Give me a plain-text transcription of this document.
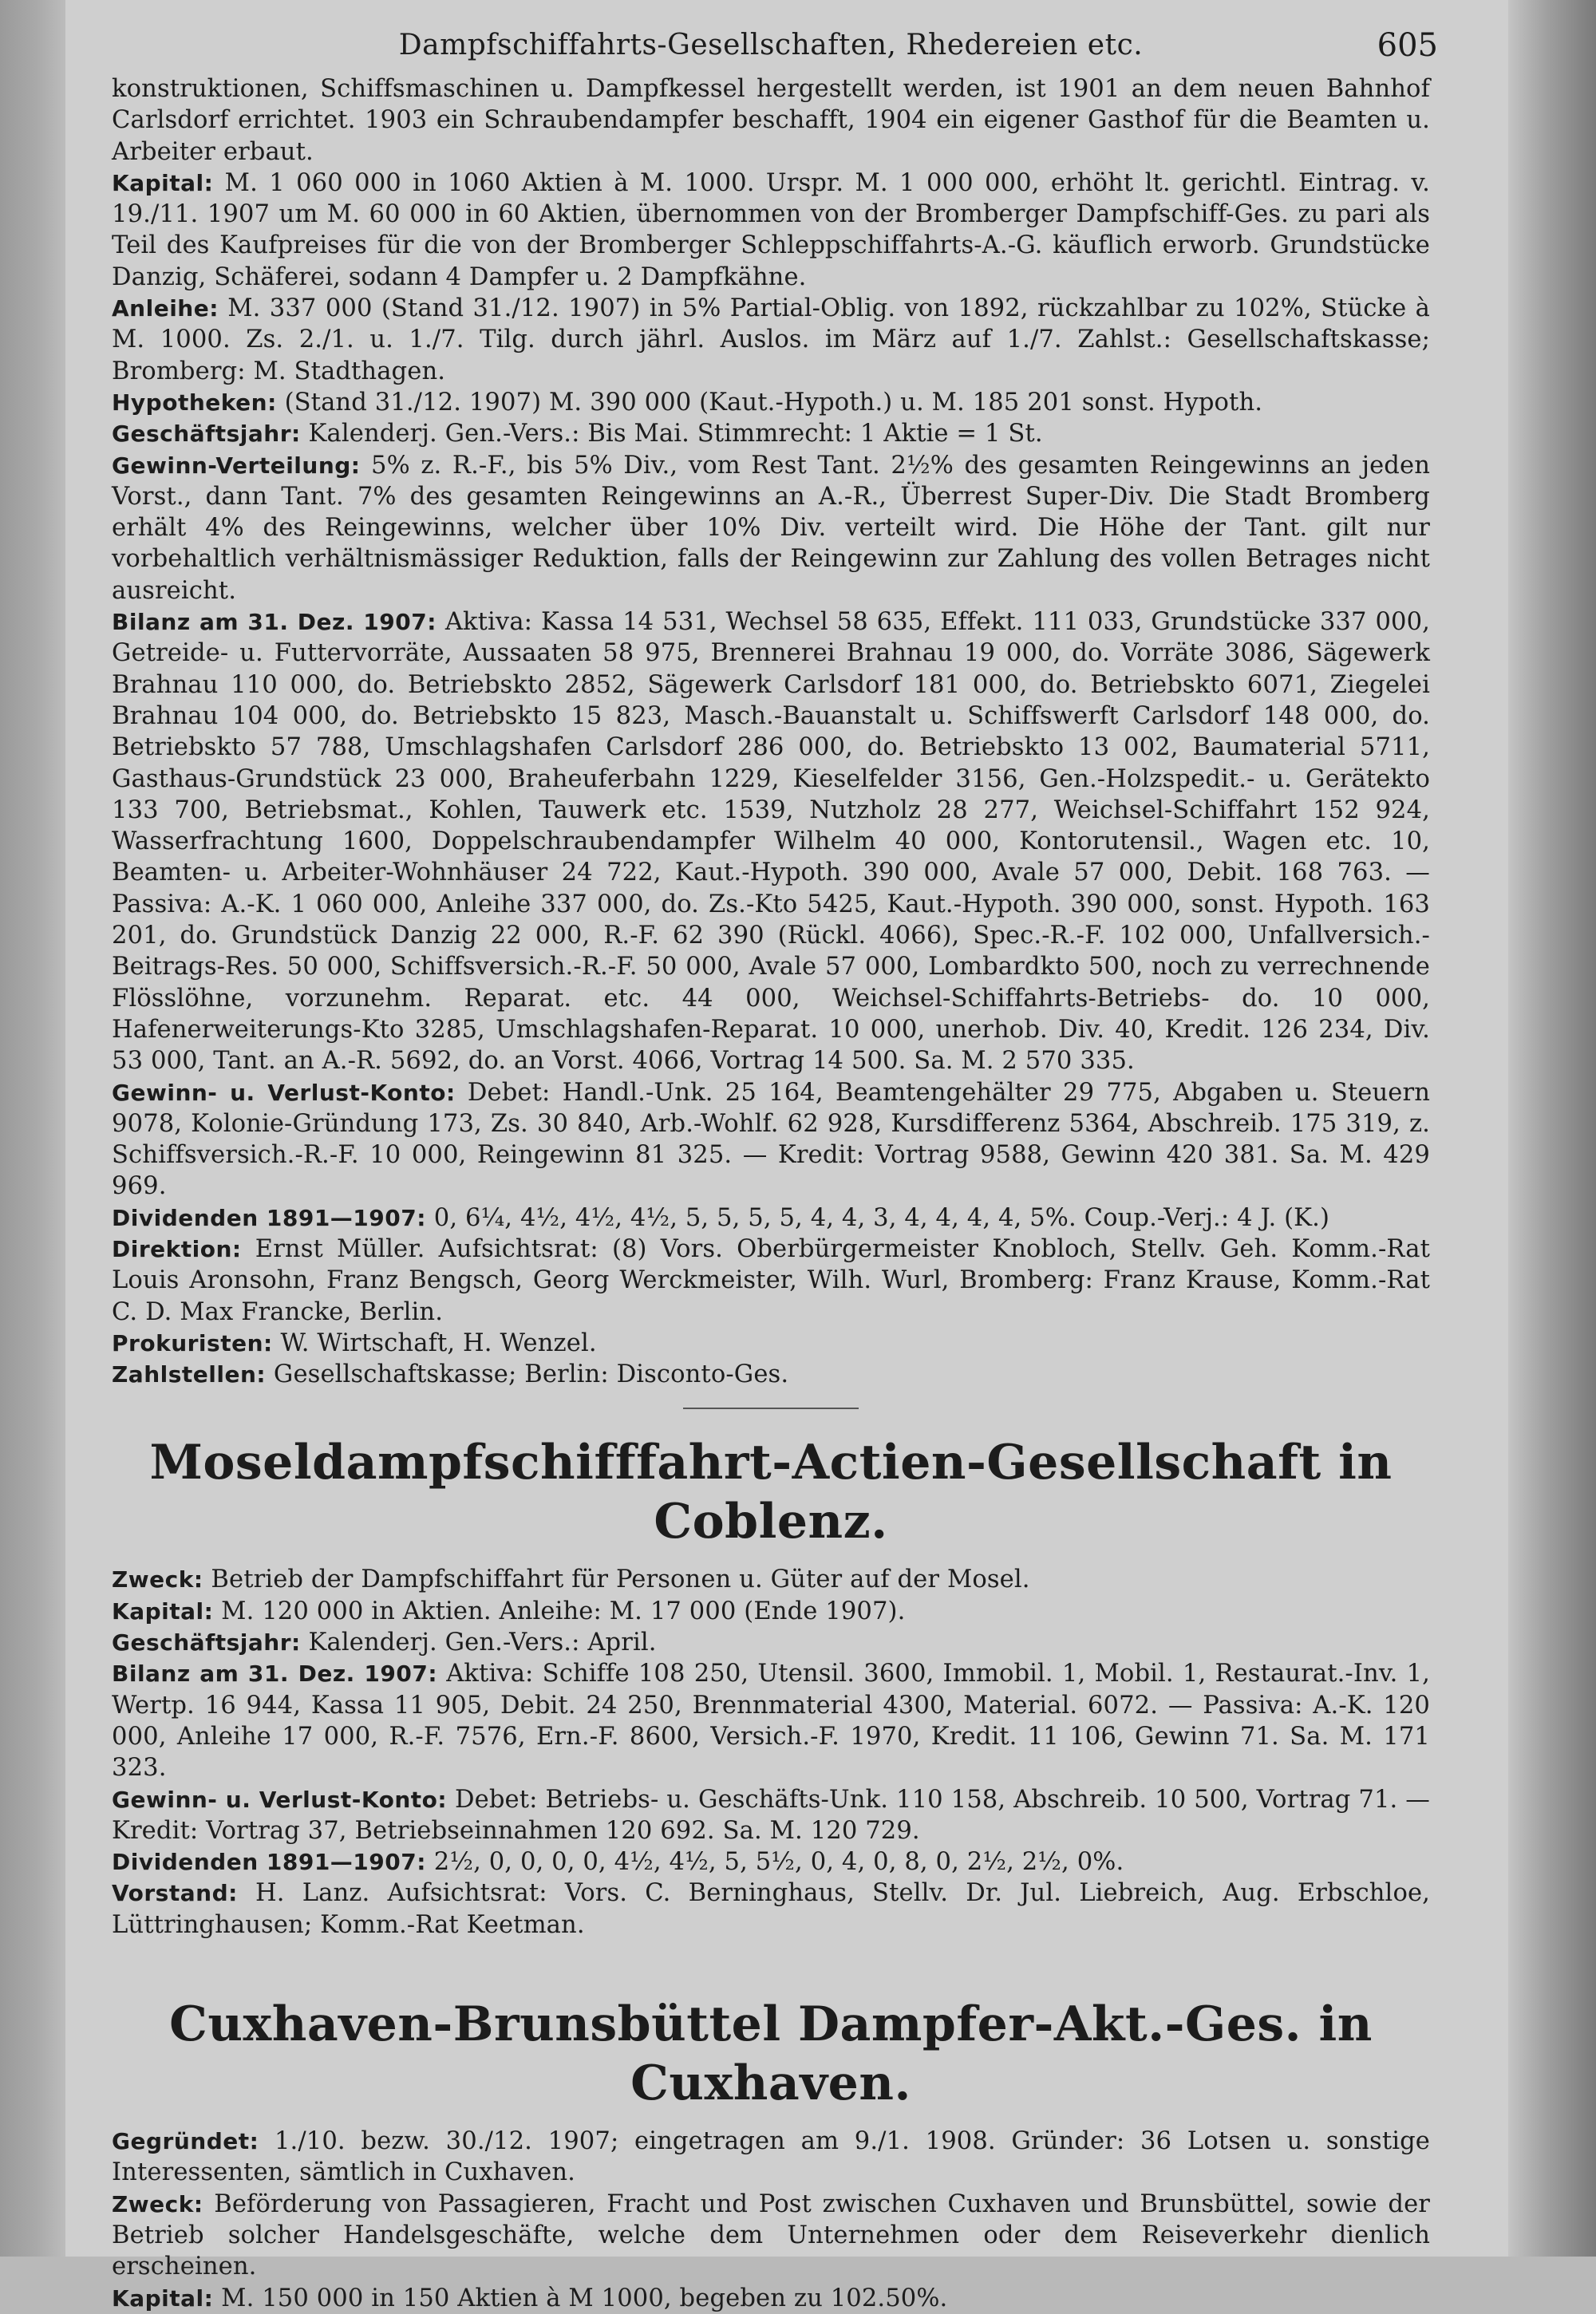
Dampfschiffahrts-Gesellschaften, Rhedereien etc.	605

konstruktionen, Schiffsmaschinen u. Dampfkessel hergestellt werden, ist 1901 an dem neuen Bahnhof Carlsdorf errichtet. 1903 ein Schraubendampfer beschafft, 1904 ein eigener Gasthof für die Beamten u. Arbeiter erbaut.

Kapital: M. 1 060 000 in 1060 Aktien à M. 1000. Urspr. M. 1 000 000, erhöht lt. gerichtl. Eintrag. v. 19./11. 1907 um M. 60 000 in 60 Aktien, übernommen von der Bromberger Dampfschiff-Ges. zu pari als Teil des Kaufpreises für die von der Bromberger Schleppschiffahrts-A.-G. käuflich erworb. Grundstücke Danzig, Schäferei, sodann 4 Dampfer u. 2 Dampfkähne.

Anleihe: M. 337 000 (Stand 31./12. 1907) in 5% Partial-Oblig. von 1892, rückzahlbar zu 102%, Stücke à M. 1000. Zs. 2./1. u. 1./7. Tilg. durch jährl. Auslos. im März auf 1./7. Zahlst.: Gesellschaftskasse; Bromberg: M. Stadthagen.

Hypotheken: (Stand 31./12. 1907) M. 390 000 (Kaut.-Hypoth.) u. M. 185 201 sonst. Hypoth.

Geschäftsjahr: Kalenderj. Gen.-Vers.: Bis Mai. Stimmrecht: 1 Aktie = 1 St.

Gewinn-Verteilung: 5% z. R.-F., bis 5% Div., vom Rest Tant. 2½% des gesamten Reingewinns an jeden Vorst., dann Tant. 7% des gesamten Reingewinns an A.-R., Überrest Super-Div. Die Stadt Bromberg erhält 4% des Reingewinns, welcher über 10% Div. verteilt wird. Die Höhe der Tant. gilt nur vorbehaltlich verhältnismässiger Reduktion, falls der Reingewinn zur Zahlung des vollen Betrages nicht ausreicht.

Bilanz am 31. Dez. 1907: Aktiva: Kassa 14 531, Wechsel 58 635, Effekt. 111 033, Grundstücke 337 000, Getreide- u. Futtervorräte, Aussaaten 58 975, Brennerei Brahnau 19 000, do. Vorräte 3086, Sägewerk Brahnau 110 000, do. Betriebskto 2852, Sägewerk Carlsdorf 181 000, do. Betriebskto 6071, Ziegelei Brahnau 104 000, do. Betriebskto 15 823, Masch.-Bauanstalt u. Schiffswerft Carlsdorf 148 000, do. Betriebskto 57 788, Umschlagshafen Carlsdorf 286 000, do. Betriebskto 13 002, Baumaterial 5711, Gasthaus-Grundstück 23 000, Braheuferbahn 1229, Kieselfelder 3156, Gen.-Holzspedit.- u. Gerätekto 133 700, Betriebsmat., Kohlen, Tauwerk etc. 1539, Nutzholz 28 277, Weichsel-Schiffahrt 152 924, Wasserfrachtung 1600, Doppelschraubendampfer Wilhelm 40 000, Kontorutensil., Wagen etc. 10, Beamten- u. Arbeiter-Wohnhäuser 24 722, Kaut.-Hypoth. 390 000, Avale 57 000, Debit. 168 763. — Passiva: A.-K. 1 060 000, Anleihe 337 000, do. Zs.-Kto 5425, Kaut.-Hypoth. 390 000, sonst. Hypoth. 163 201, do. Grundstück Danzig 22 000, R.-F. 62 390 (Rückl. 4066), Spec.-R.-F. 102 000, Unfallversich.-Beitrags-Res. 50 000, Schiffsversich.-R.-F. 50 000, Avale 57 000, Lombardkto 500, noch zu verrechnende Flösslöhne, vorzunehm. Reparat. etc. 44 000, Weichsel-Schiffahrts-Betriebs- do. 10 000, Hafenerweiterungs-Kto 3285, Umschlagshafen-Reparat. 10 000, unerhob. Div. 40, Kredit. 126 234, Div. 53 000, Tant. an A.-R. 5692, do. an Vorst. 4066, Vortrag 14 500. Sa. M. 2 570 335.

Gewinn- u. Verlust-Konto: Debet: Handl.-Unk. 25 164, Beamtengehälter 29 775, Abgaben u. Steuern 9078, Kolonie-Gründung 173, Zs. 30 840, Arb.-Wohlf. 62 928, Kursdifferenz 5364, Abschreib. 175 319, z. Schiffsversich.-R.-F. 10 000, Reingewinn 81 325. — Kredit: Vortrag 9588, Gewinn 420 381. Sa. M. 429 969.

Dividenden 1891—1907: 0, 6¼, 4½, 4½, 4½, 5, 5, 5, 5, 4, 4, 3, 4, 4, 4, 4, 5%. Coup.-Verj.: 4 J. (K.)

Direktion: Ernst Müller. Aufsichtsrat: (8) Vors. Oberbürgermeister Knobloch, Stellv. Geh. Komm.-Rat Louis Aronsohn, Franz Bengsch, Georg Werckmeister, Wilh. Wurl, Bromberg: Franz Krause, Komm.-Rat C. D. Max Francke, Berlin.

Prokuristen: W. Wirtschaft, H. Wenzel.

Zahlstellen: Gesellschaftskasse; Berlin: Disconto-Ges.

Moseldampfschifffahrt-Actien-Gesellschaft in Coblenz.

Zweck: Betrieb der Dampfschiffahrt für Personen u. Güter auf der Mosel.

Kapital: M. 120 000 in Aktien. Anleihe: M. 17 000 (Ende 1907).

Geschäftsjahr: Kalenderj. Gen.-Vers.: April.

Bilanz am 31. Dez. 1907: Aktiva: Schiffe 108 250, Utensil. 3600, Immobil. 1, Mobil. 1, Restaurat.-Inv. 1, Wertp. 16 944, Kassa 11 905, Debit. 24 250, Brennmaterial 4300, Material. 6072. — Passiva: A.-K. 120 000, Anleihe 17 000, R.-F. 7576, Ern.-F. 8600, Versich.-F. 1970, Kredit. 11 106, Gewinn 71. Sa. M. 171 323.

Gewinn- u. Verlust-Konto: Debet: Betriebs- u. Geschäfts-Unk. 110 158, Abschreib. 10 500, Vortrag 71. — Kredit: Vortrag 37, Betriebseinnahmen 120 692. Sa. M. 120 729.

Dividenden 1891—1907: 2½, 0, 0, 0, 0, 4½, 4½, 5, 5½, 0, 4, 0, 8, 0, 2½, 2½, 0%.

Vorstand: H. Lanz. Aufsichtsrat: Vors. C. Berninghaus, Stellv. Dr. Jul. Liebreich, Aug. Erbschloe, Lüttringhausen; Komm.-Rat Keetman.

Cuxhaven-Brunsbüttel Dampfer-Akt.-Ges. in Cuxhaven.

Gegründet: 1./10. bezw. 30./12. 1907; eingetragen am 9./1. 1908. Gründer: 36 Lotsen u. sonstige Interessenten, sämtlich in Cuxhaven.

Zweck: Beförderung von Passagieren, Fracht und Post zwischen Cuxhaven und Brunsbüttel, sowie der Betrieb solcher Handelsgeschäfte, welche dem Unternehmen oder dem Reiseverkehr dienlich erscheinen.

Kapital: M. 150 000 in 150 Aktien à M 1000, begeben zu 102.50%.
